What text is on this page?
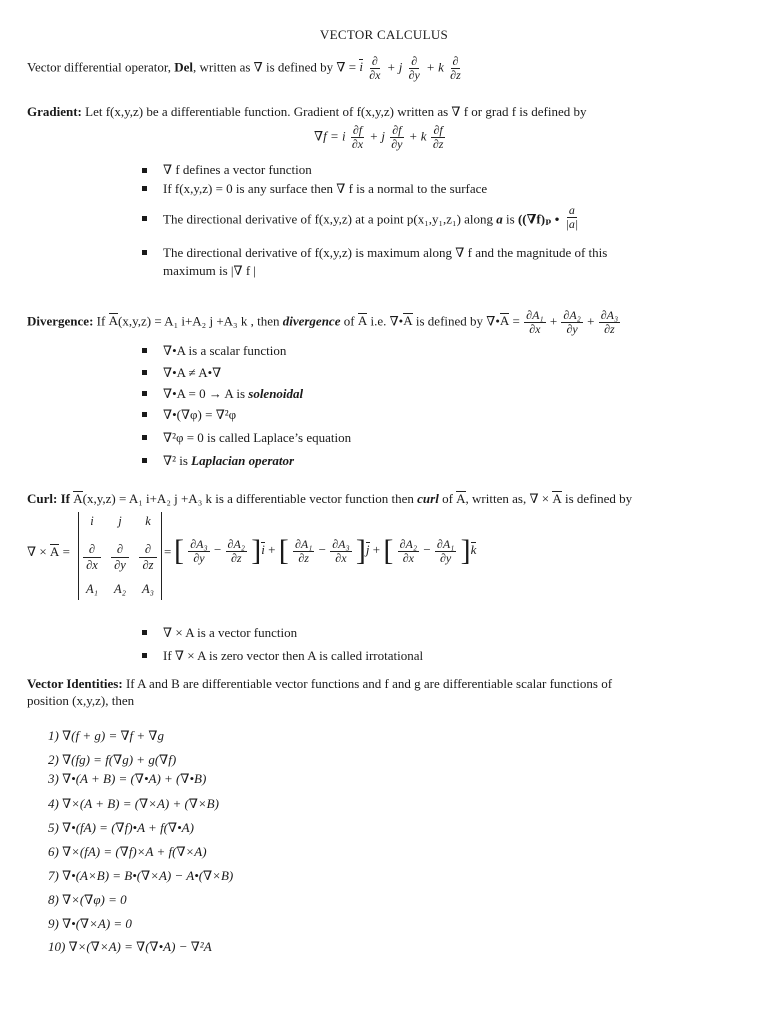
VECTOR CALCULUS
Vector differential operator, Del, written as ∇ is defined by ∇ = i $\frac{\partial}{\partial x} + j \frac{\partial}{\partial y} + k \frac{\partial}{\partial z}$
Gradient: Let f(x,y,z) be a differentiable function. Gradient of f(x,y,z) written as ∇ f or grad f is defined by
∇f = i $\frac{\partial f}{\partial x} + j \frac{\partial f}{\partial y} + k \frac{\partial f}{\partial z}$
∇ f defines a vector function
If f(x,y,z) = 0 is any surface then ∇ f is a normal to the surface
The directional derivative of f(x,y,z) at a point p(x₁,y₁,z₁) along a is ((∇f)ₚ • $\frac{a}{|a|}$
The directional derivative of f(x,y,z) is maximum along ∇ f and the magnitude of this
maximum is |∇ f |
Divergence: If A(x,y,z) = A₁ i+A₂ j +A₃ k , then divergence of A i.e. ∇•A is defined by ∇•A = $\frac{\text{∂A₁}}{\partial x} + \frac{\text{∂A₂}}{\partial y} + \frac{\text{∂A₃}}{\partial z}$
∇•A is a scalar function
∇•A ≠ A•∇
∇•A = 0 → A is solenoidal
∇•(∇φ) = ∇²φ
∇²φ = 0 is called Laplace’s equation
∇² is Laplacian operator
Curl: If A(x,y,z) = A₁ i+A₂ j +A₃ k is a differentiable vector function then curl of A, written as, ∇ × A is defined by
∇ × A =
i	j	k
∂	∂	∂
∂x	∂y	∂z
A₁	A₂	A₃
= [ $\frac{\text{∂A₃}}{\partial y} - \frac{\text{∂A₂}}{\partial z} ]i$ + [ $\frac{\text{∂A₁}}{\partial z} - \frac{\text{∂A₃}}{\partial x} ]j$ + [ $\frac{\text{∂A₂}}{\partial x} - \frac{\text{∂A₁}}{\partial y} ]k$
∇ × A is a vector function
If ∇ × A is zero vector then A is called irrotational
Vector Identities: If A and B are differentiable vector functions and f and g are differentiable scalar functions of
position (x,y,z), then
1) ∇(f + g) = ∇f + ∇g
2) ∇(fg) = f(∇g) + g(∇f)
3) ∇•(A + B) = (∇•A) + (∇•B)
4) ∇×(A + B) = (∇×A) + (∇×B)
5) ∇•(fA) = (∇f)•A + f(∇•A)
6) ∇×(fA) = (∇f)×A + f(∇×A)
7) ∇•(A×B) = B•(∇×A) − A•(∇×B)
8) ∇×(∇φ) = 0
9) ∇•(∇×A) = 0
10) ∇×(∇×A) = ∇(∇•A) − ∇²A
